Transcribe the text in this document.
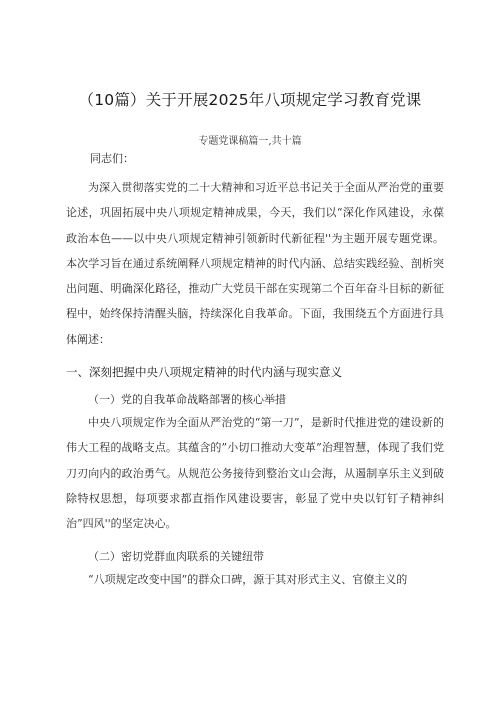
（10篇）关于开展2025年八项规定学习教育党课
专题党课稿篇一,共十篇
同志们：
为深入贯彻落实党的二十大精神和习近平总书记关于全面从严治党的重要论述，巩固拓展中央八项规定精神成果，今天，我们以“深化作风建设，永葆政治本色——以中央八项规定精神引领新时代新征程''为主题开展专题党课。本次学习旨在通过系统阐释八项规定精神的时代内涵、总结实践经验、剖析突出问题、明确深化路径，推动广大党员干部在实现第二个百年奋斗目标的新征程中，始终保持清醒头脑，持续深化自我革命。下面，我围绕五个方面进行具体阐述：
一、深刻把握中央八项规定精神的时代内涵与现实意义
（一）党的自我革命战略部署的核心举措
中央八项规定作为全面从严治党的“第一刀”，是新时代推进党的建设新的伟大工程的战略支点。其蕴含的”小切口推动大变革”治理智慧，体现了我们党刀刃向内的政治勇气。从规范公务接待到整治文山会海，从遏制享乐主义到破除特权思想，每项要求都直指作风建设要害，彰显了党中央以钉钉子精神纠治”四风''的坚定决心。
（二）密切党群血肉联系的关键纽带
“八项规定改变中国”的群众口碑，源于其对形式主义、官僚主义的
